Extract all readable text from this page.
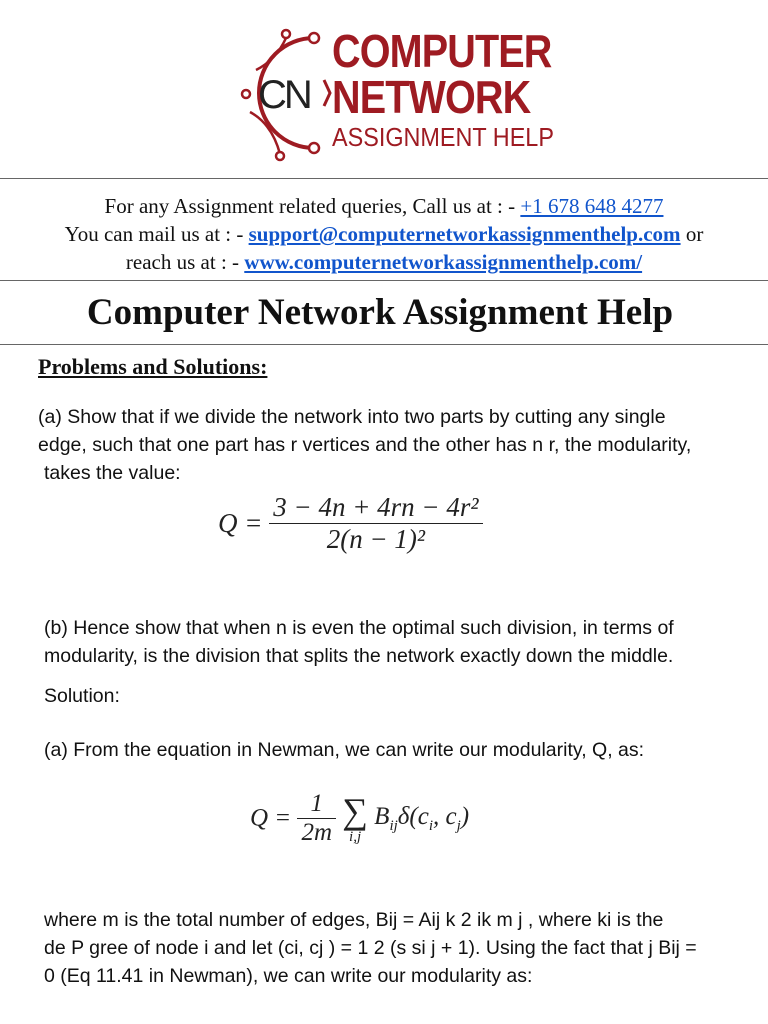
CN
COMPUTER
NETWORK
ASSIGNMENT HELP
For any Assignment related queries, Call us at : - +1 678 648 4277
You can mail us at : - support@computernetworkassignmenthelp.com or
reach us at : - www.computernetworkassignmenthelp.com/
Computer Network Assignment Help
Problems and Solutions:
(a) Show that if we divide the network into two parts by cutting any single
edge, such that one part has r vertices and the other has n r, the modularity,
takes the value:
$Q = \frac{\text{3 − 4n + 4rn − 4r²}}{\text{2(n − 1)²}}$
(b) Hence show that when n is even the optimal such division, in terms of
modularity, is the division that splits the network exactly down the middle.
Solution:
(a) From the equation in Newman, we can write our modularity, Q, as:
$Q = \frac{1}{2m}$
∑
i,j
$B_{ij}\delta(c_i$, $c_j$)
where m is the total number of edges, Bij = Aij k 2 ik m j , where ki is the
de P gree of node i and let (ci, cj ) = 1 2 (s si j + 1). Using the fact that j Bij =
0 (Eq 11.41 in Newman), we can write our modularity as:
